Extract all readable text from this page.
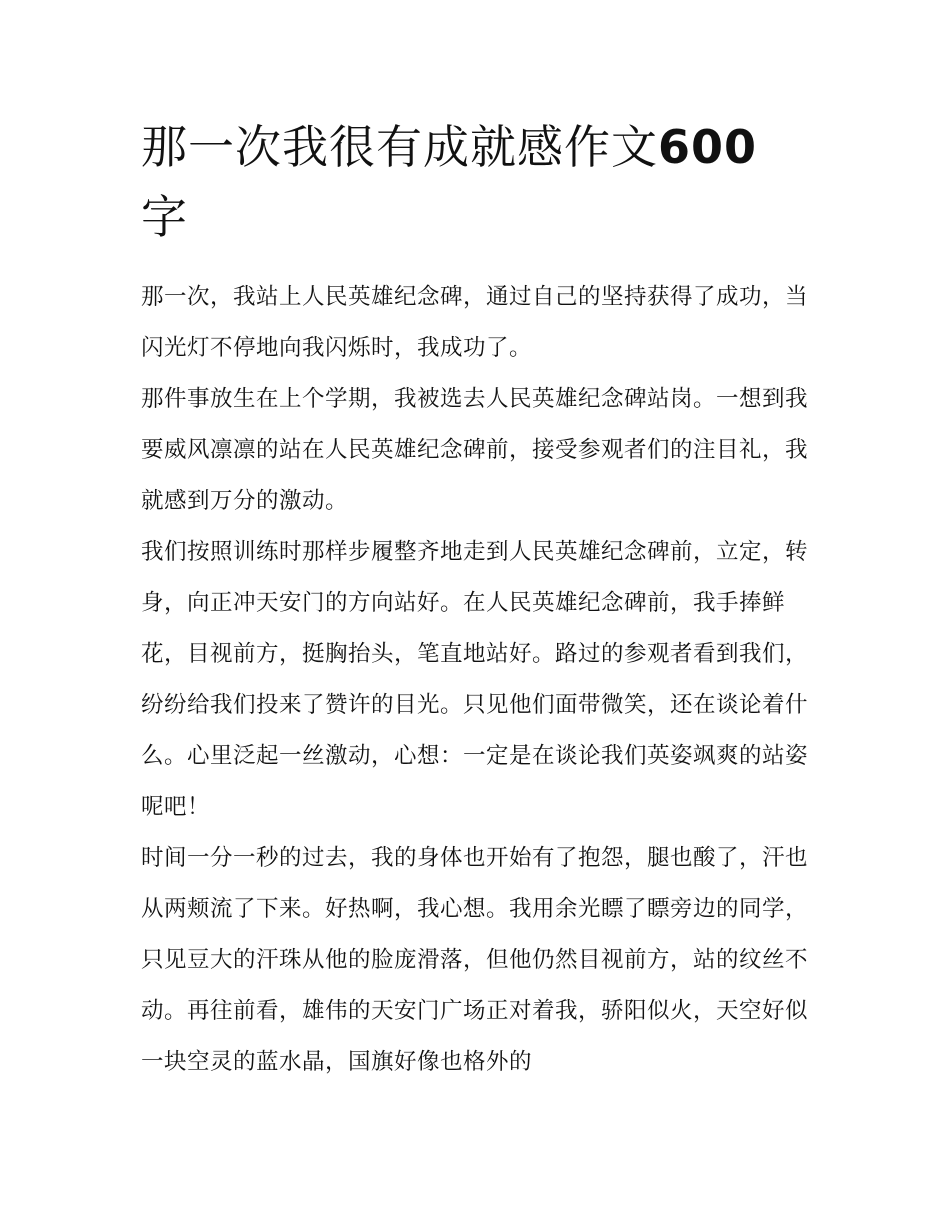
那一次我很有成就感作文600
字

那一次，我站上人民英雄纪念碑，通过自己的坚持获得了成功，当闪光灯不停地向我闪烁时，我成功了。

那件事放生在上个学期，我被选去人民英雄纪念碑站岗。一想到我要威风凛凛的站在人民英雄纪念碑前，接受参观者们的注目礼，我就感到万分的激动。

我们按照训练时那样步履整齐地走到人民英雄纪念碑前，立定，转身，向正冲天安门的方向站好。在人民英雄纪念碑前，我手捧鲜花，目视前方，挺胸抬头，笔直地站好。路过的参观者看到我们，纷纷给我们投来了赞许的目光。只见他们面带微笑，还在谈论着什么。心里泛起一丝激动，心想：一定是在谈论我们英姿飒爽的站姿呢吧！

时间一分一秒的过去，我的身体也开始有了抱怨，腿也酸了，汗也从两颊流了下来。好热啊，我心想。我用余光瞟了瞟旁边的同学，只见豆大的汗珠从他的脸庞滑落，但他仍然目视前方，站的纹丝不动。再往前看，雄伟的天安门广场正对着我，骄阳似火，天空好似一块空灵的蓝水晶，国旗好像也格外的
